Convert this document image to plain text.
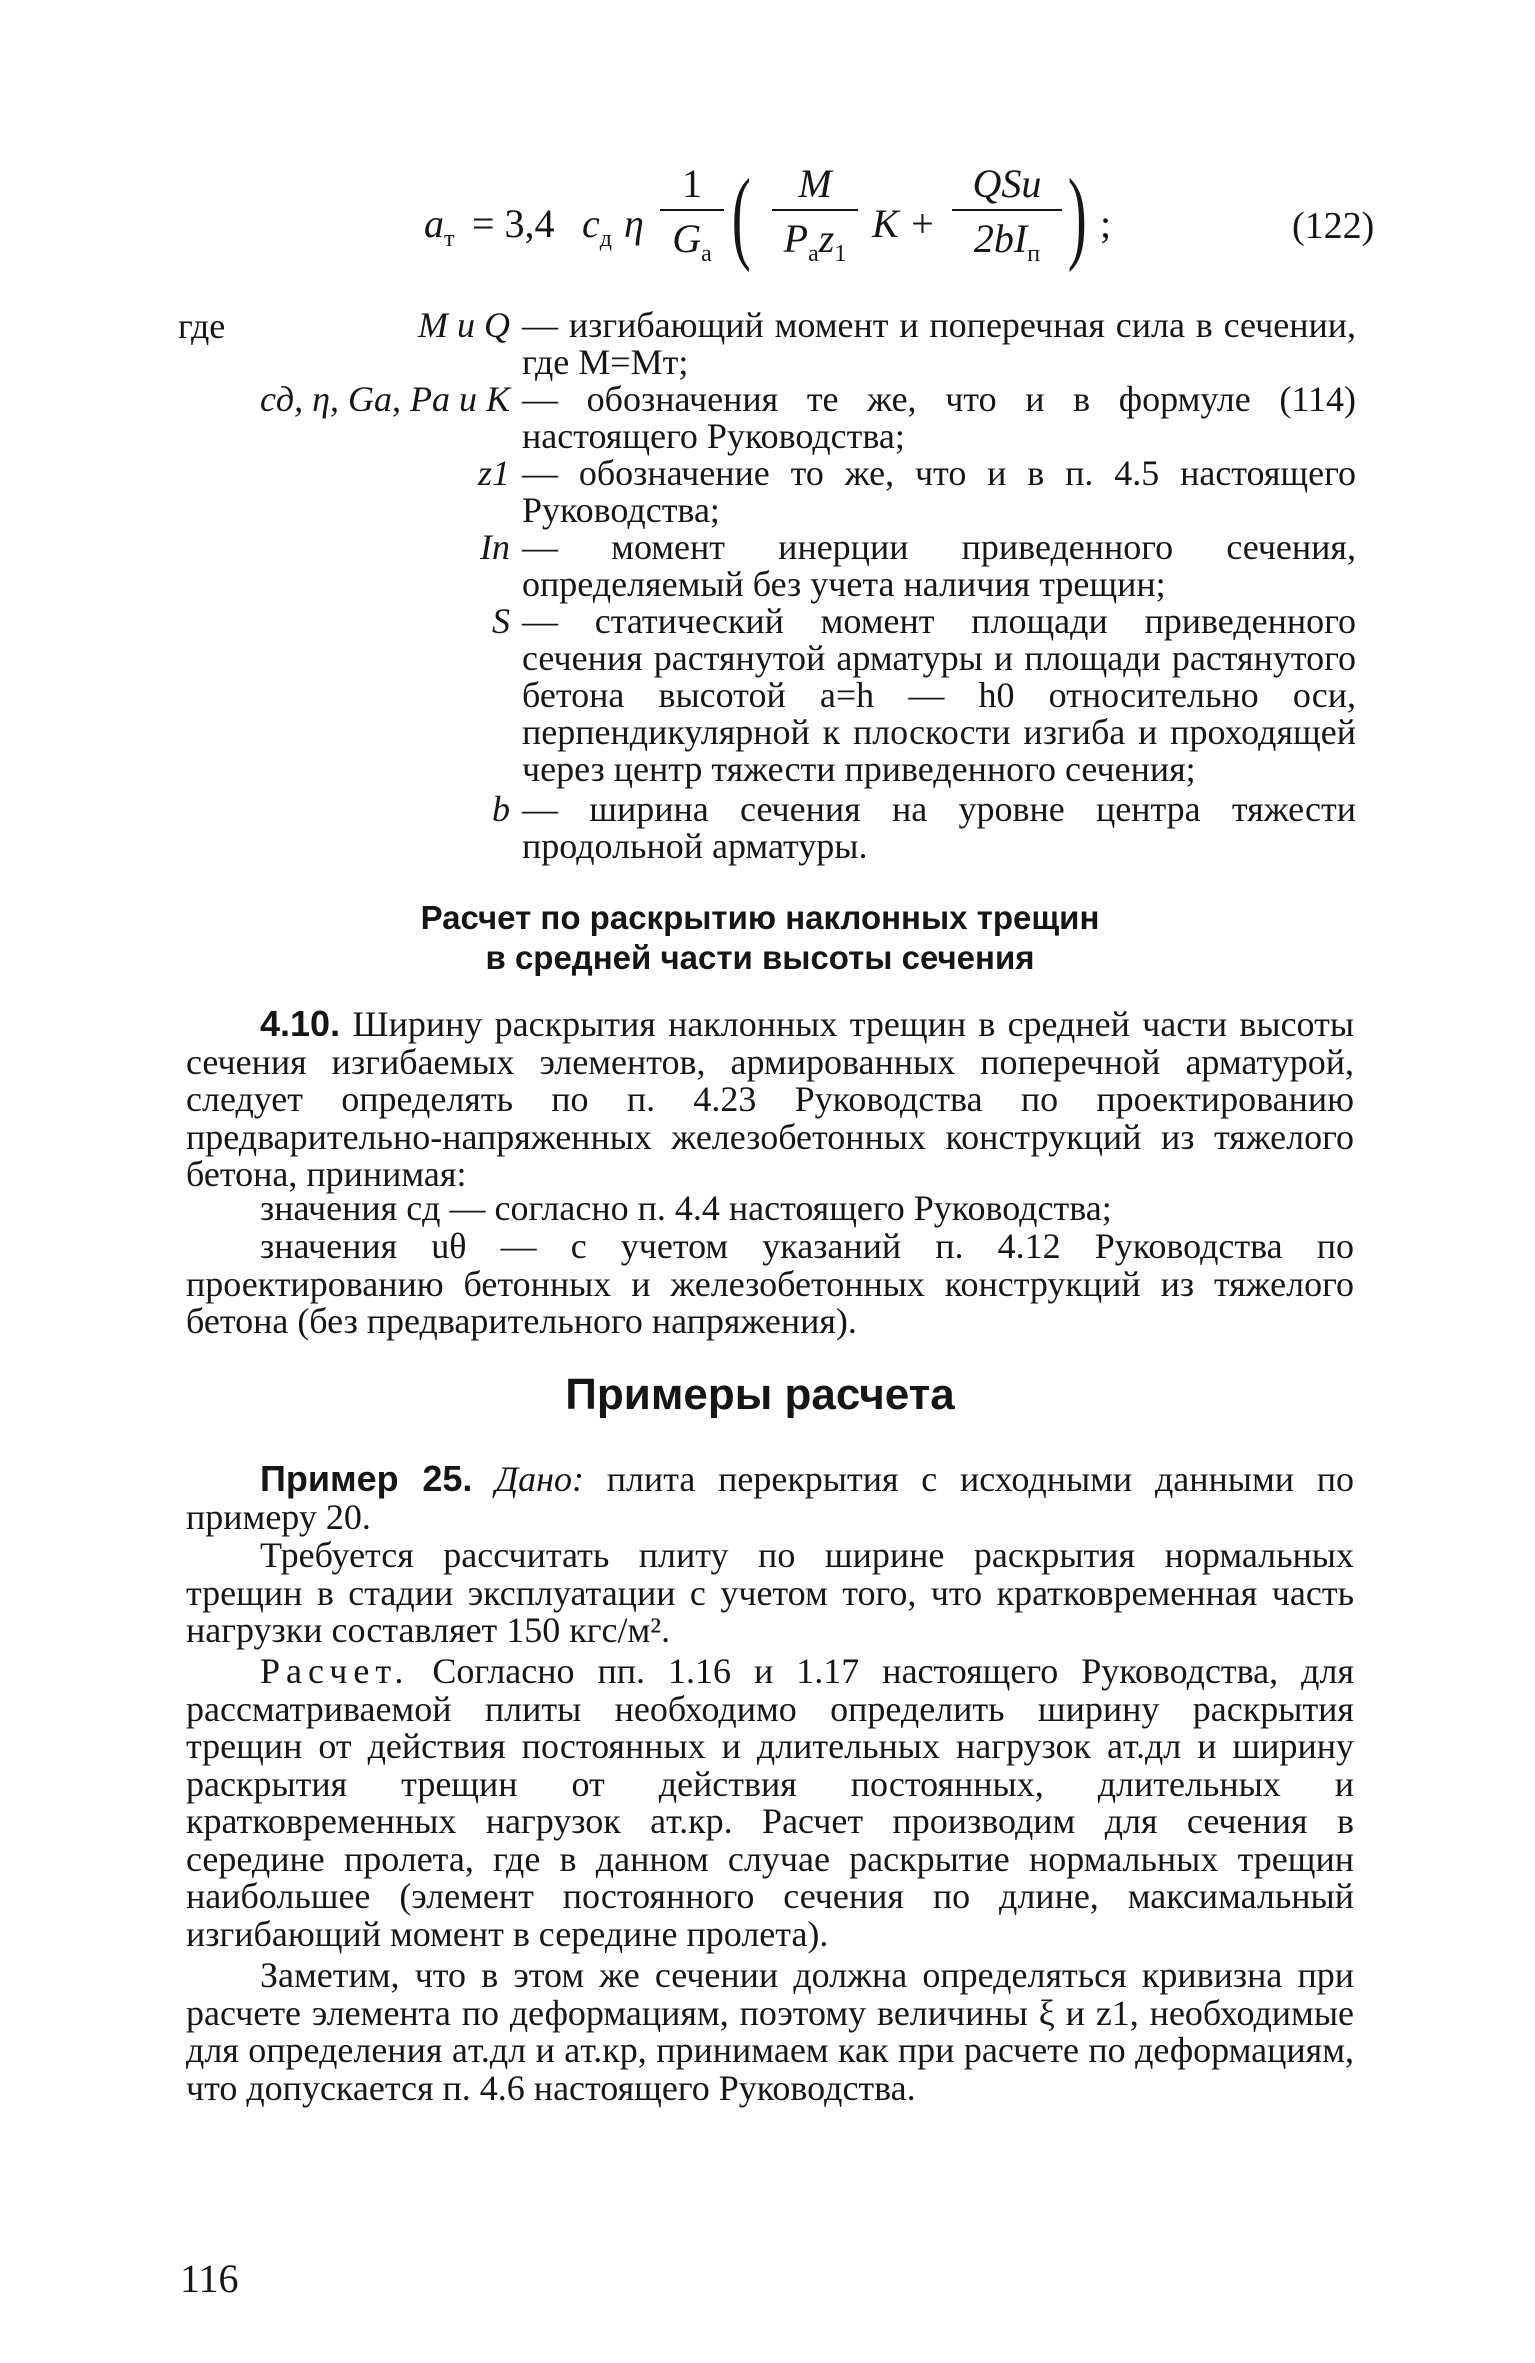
$a_т = 3,4$ $c_д$ η
1
$G_а$ (	M
$P_аz_1$
K +
QSu
$2bI_п$ ) ;	(122)
где	M и Q — изгибающий момент и поперечная сила в сечении, где M=Mт;
cд, η, Gа, Pа и K — обозначения те же, что и в формуле (114) настоящего Руководства;
z1 — обозначение то же, что и в п. 4.5 настоящего Руководства;
Iп — момент инерции приведенного сечения, определяемый без учета наличия трещин;
S — статический момент площади приведенного сечения растянутой арматуры и площади растянутого бетона высотой a=h — h0 относительно оси, перпендикулярной к плоскости изгиба и проходящей через центр тяжести приведенного сечения;
b — ширина сечения на уровне центра тяжести продольной арматуры.
Расчет по раскрытию наклонных трещин
в средней части высоты сечения
4.10. Ширину раскрытия наклонных трещин в средней части высоты сечения изгибаемых элементов, армированных поперечной арматурой, следует определять по п. 4.23 Руководства по проектированию предварительно-напряженных железобетонных конструкций из тяжелого бетона, принимая:
значения cд — согласно п. 4.4 настоящего Руководства;
значения uθ — с учетом указаний п. 4.12 Руководства по проектированию бетонных и железобетонных конструкций из тяжелого бетона (без предварительного напряжения).
Примеры расчета
Пример 25. Дано: плита перекрытия с исходными данными по примеру 20.
Требуется рассчитать плиту по ширине раскрытия нормальных трещин в стадии эксплуатации с учетом того, что кратковременная часть нагрузки составляет 150 кгс/м².
Расчет. Согласно пп. 1.16 и 1.17 настоящего Руководства, для рассматриваемой плиты необходимо определить ширину раскрытия трещин от действия постоянных и длительных нагрузок aт.дл и ширину раскрытия трещин от действия постоянных, длительных и кратковременных нагрузок aт.кр. Расчет производим для сечения в середине пролета, где в данном случае раскрытие нормальных трещин наибольшее (элемент постоянного сечения по длине, максимальный изгибающий момент в середине пролета).
Заметим, что в этом же сечении должна определяться кривизна при расчете элемента по деформациям, поэтому величины ξ и z1, необходимые для определения aт.дл и aт.кр, принимаем как при расчете по деформациям, что допускается п. 4.6 настоящего Руководства.
116
